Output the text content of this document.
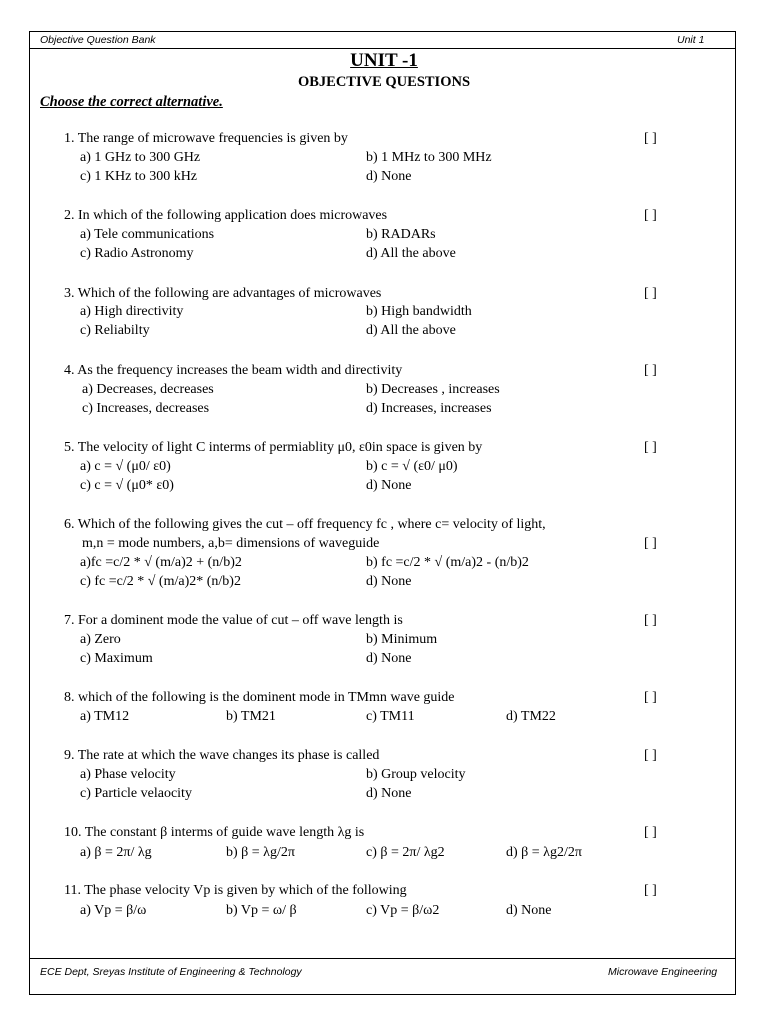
Objective Question Bank	Unit 1
UNIT -1
OBJECTIVE QUESTIONS
Choose the correct alternative.
1. The range of microwave frequencies is given by	[ ]
a) 1 GHz to 300 GHz	b) 1 MHz to 300 MHz
c) 1 KHz to 300 kHz	d) None
2. In which of the following application does microwaves	[ ]
a) Tele communications	b) RADARs
c) Radio Astronomy	d) All the above
3. Which of the following are advantages of microwaves	[ ]
a) High directivity	b) High bandwidth
c) Reliabilty	d) All the above
4. As the frequency increases the beam width and directivity	[ ]
a) Decreases, decreases	b) Decreases , increases
c) Increases, decreases	d) Increases, increases
5. The velocity of light C interms of permiablity μ0, ε0in space is given by	[ ]
a) c = √ (μ0/ ε0)	b) c = √ (ε0/ μ0)
c) c = √ (μ0* ε0)	d) None
6. Which of the following gives the cut – off frequency fc , where c= velocity of light,
m,n = mode numbers, a,b= dimensions of waveguide	[ ]
a)fc =c/2 * √ (m/a)2 + (n/b)2	b) fc =c/2 * √ (m/a)2 - (n/b)2
c) fc =c/2 * √ (m/a)2* (n/b)2	d) None
7. For a dominent mode the value of cut – off wave length is	[ ]
a) Zero	b) Minimum
c) Maximum	d) None
8. which of the following is the dominent mode in TMmn wave guide	[ ]
a) TM12	b) TM21	c) TM11	d) TM22
9. The rate at which the wave changes its phase is called	[ ]
a) Phase velocity	b) Group velocity
c) Particle velaocity	d) None
10. The constant β interms of guide wave length λg is	[ ]
a) β = 2π/ λg	b) β = λg/2π	c) β = 2π/ λg2	d) β = λg2/2π
11. The phase velocity Vp is given by which of the following	[ ]
a) Vp = β/ω	b) Vp = ω/ β	c) Vp = β/ω2	d) None
ECE Dept, Sreyas Institute of Engineering & Technology	Microwave Engineering
